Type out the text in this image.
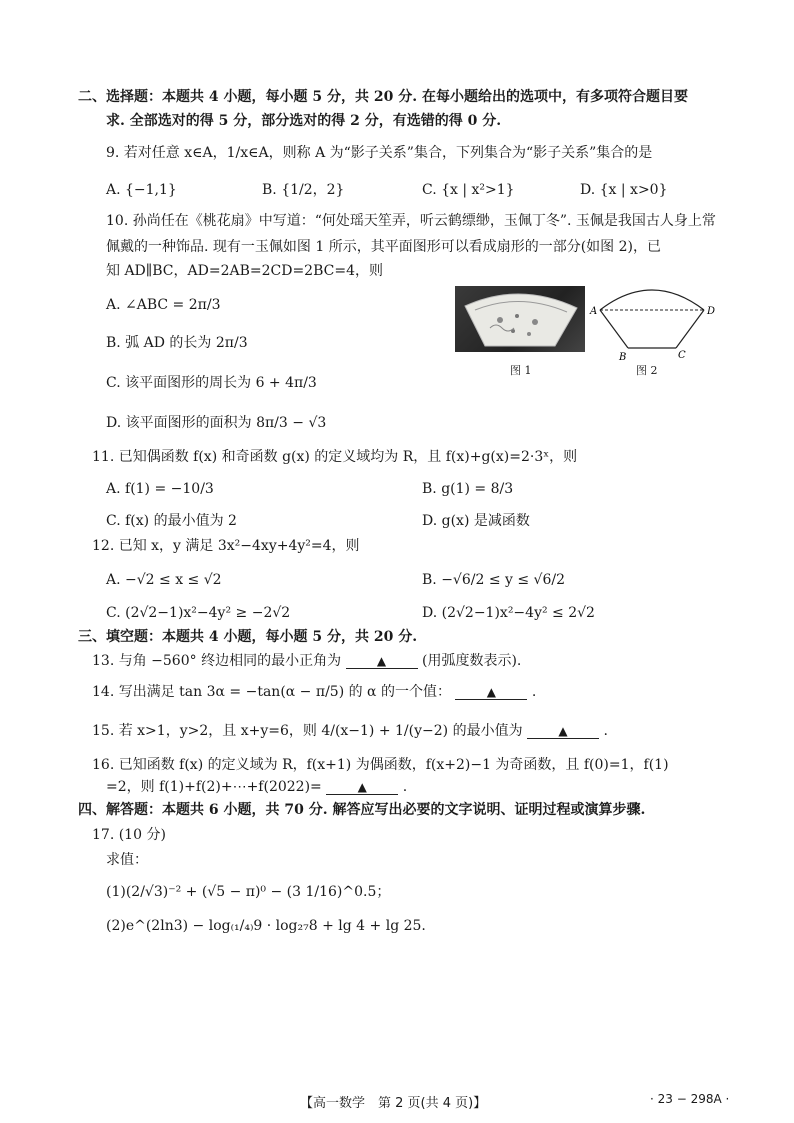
二、选择题：本题共 4 小题，每小题 5 分，共 20 分. 在每小题给出的选项中，有多项符合题目要
求. 全部选对的得 5 分，部分选对的得 2 分，有选错的得 0 分.
9. 若对任意 x∈A，1/x∈A，则称 A 为“影子关系”集合，下列集合为“影子关系”集合的是
A. {−1,1}	B. {1/2，2}	C. {x | x²>1}	D. {x | x>0}
10. 孙尚任在《桃花扇》中写道：“何处瑶天笙弄，听云鹤缥缈，玉佩丁冬”. 玉佩是我国古人身上常
佩戴的一种饰品. 现有一玉佩如图 1 所示，其平面图形可以看成扇形的一部分(如图 2)，已
知 AD∥BC，AD=2AB=2CD=2BC=4，则
A. ∠ABC = 2π/3
B. 弧 AD 的长为 2π/3
C. 该平面图形的周长为 6 + 4π/3
D. 该平面图形的面积为 8π/3 − √3
图 1
A	D
B	C
图 2
11. 已知偶函数 f(x) 和奇函数 g(x) 的定义域均为 R，且 f(x)+g(x)=2·3ˣ，则
A. f(1) = −10/3	B. g(1) = 8/3
C. f(x) 的最小值为 2	D. g(x) 是减函数
12. 已知 x，y 满足 3x²−4xy+4y²=4，则
A. −√2 ≤ x ≤ √2	B. −√6/2 ≤ y ≤ √6/2
C. (2√2−1)x²−4y² ≥ −2√2	D. (2√2−1)x²−4y² ≤ 2√2
三、填空题：本题共 4 小题，每小题 5 分，共 20 分.
13. 与角 −560° 终边相同的最小正角为	▲	(用弧度数表示).
14. 写出满足 tan 3α = −tan(α − π/5) 的 α 的一个值：	▲	.
15. 若 x>1，y>2，且 x+y=6，则 4/(x−1) + 1/(y−2) 的最小值为	▲	.
16. 已知函数 f(x) 的定义域为 R，f(x+1) 为偶函数，f(x+2)−1 为奇函数，且 f(0)=1，f(1)
=2，则 f(1)+f(2)+⋯+f(2022)=	▲	.
四、解答题：本题共 6 小题，共 70 分. 解答应写出必要的文字说明、证明过程或演算步骤.
17. (10 分)
求值：
(1)(2/√3)⁻² + (√5 − π)⁰ − (3 1/16)^0.5；
(2)e^(2ln3) − log₍₁/₄₎9 · log₂₇8 + lg 4 + lg 25.
【高一数学　第 2 页(共 4 页)】	· 23 − 298A ·
